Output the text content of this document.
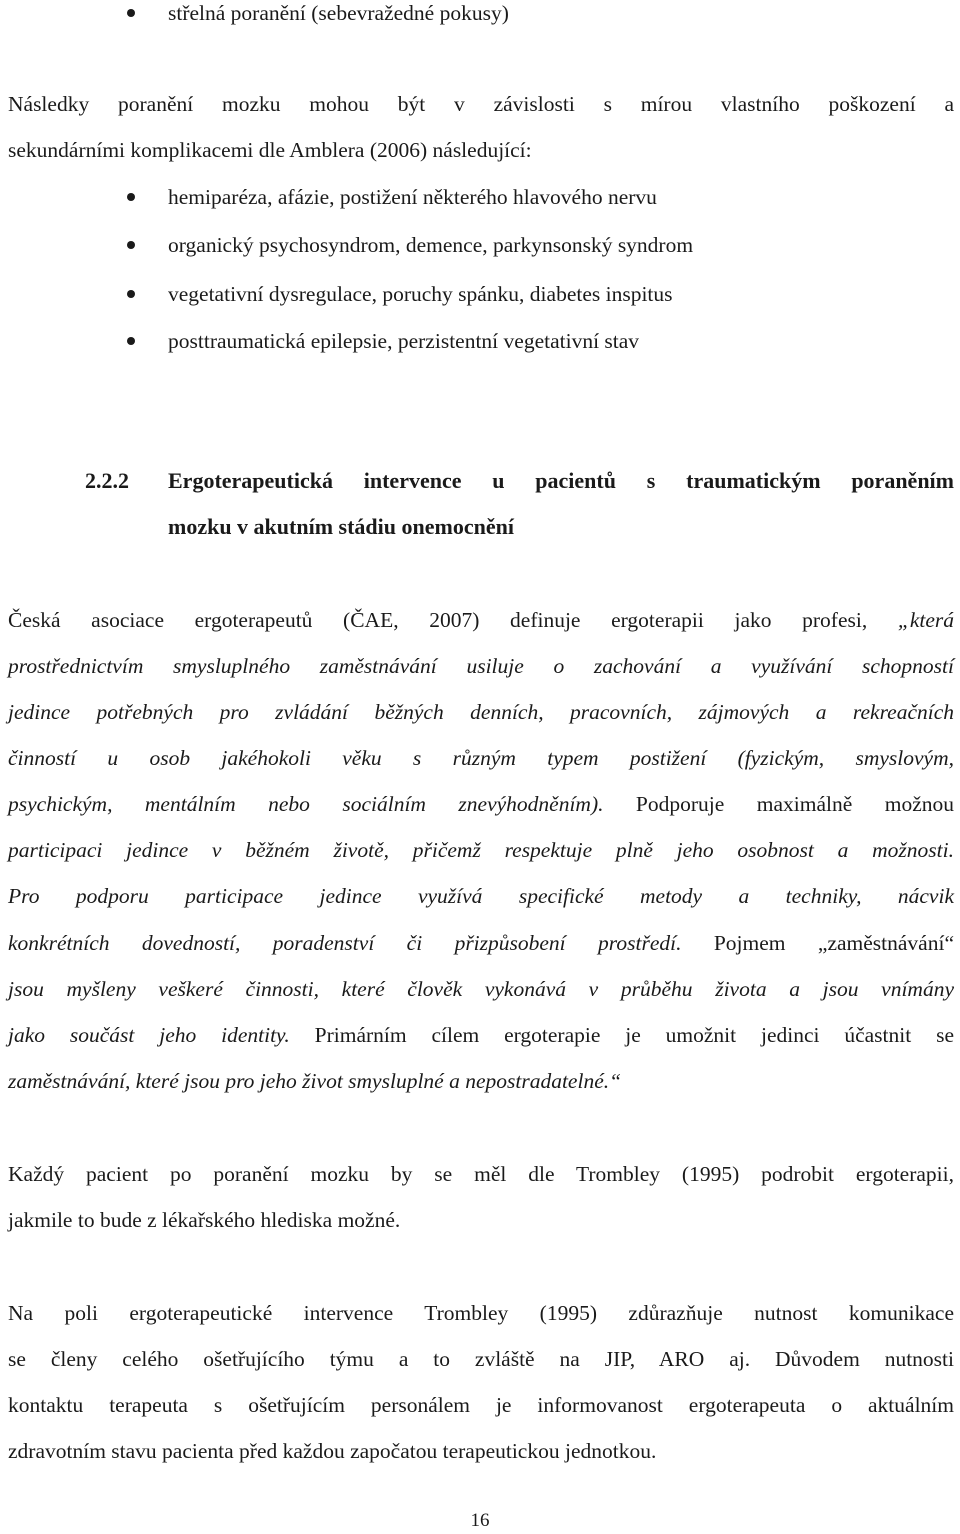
střelná poranění (sebevražedné pokusy)
Následky poranění mozku mohou být v závislosti s mírou vlastního poškození a
sekundárními komplikacemi dle Amblera (2006) následující:
hemiparéza, afázie, postižení některého hlavového nervu
organický psychosyndrom, demence, parkynsonský syndrom
vegetativní dysregulace, poruchy spánku, diabetes inspitus
posttraumatická epilepsie, perzistentní vegetativní stav
2.2.2 Ergoterapeutická intervence u pacientů s traumatickým poraněním
mozku v akutním stádiu onemocnění
Česká asociace ergoterapeutů (ČAE, 2007) definuje ergoterapii jako profesi, „která
prostřednictvím smysluplného zaměstnávání usiluje o zachování a využívání schopností
jedince potřebných pro zvládání běžných denních, pracovních, zájmových a rekreačních
činností u osob jakéhokoli věku s různým typem postižení (fyzickým, smyslovým,
psychickým, mentálním nebo sociálním znevýhodněním). Podporuje maximálně možnou
participaci jedince v běžném životě, přičemž respektuje plně jeho osobnost a možnosti.
Pro podporu participace jedince využívá specifické metody a techniky, nácvik
konkrétních dovedností, poradenství či přizpůsobení prostředí. Pojmem „zaměstnávání“
jsou myšleny veškeré činnosti, které člověk vykonává v průběhu života a jsou vnímány
jako součást jeho identity. Primárním cílem ergoterapie je umožnit jedinci účastnit se
zaměstnávání, které jsou pro jeho život smysluplné a nepostradatelné.“
Každý pacient po poranění mozku by se měl dle Trombley (1995) podrobit ergoterapii,
jakmile to bude z lékařského hlediska možné.
Na poli ergoterapeutické intervence Trombley (1995) zdůrazňuje nutnost komunikace
se členy celého ošetřujícího týmu a to zvláště na JIP, ARO aj. Důvodem nutnosti
kontaktu terapeuta s ošetřujícím personálem je informovanost ergoterapeuta o aktuálním
zdravotním stavu pacienta před každou započatou terapeutickou jednotkou.
16
